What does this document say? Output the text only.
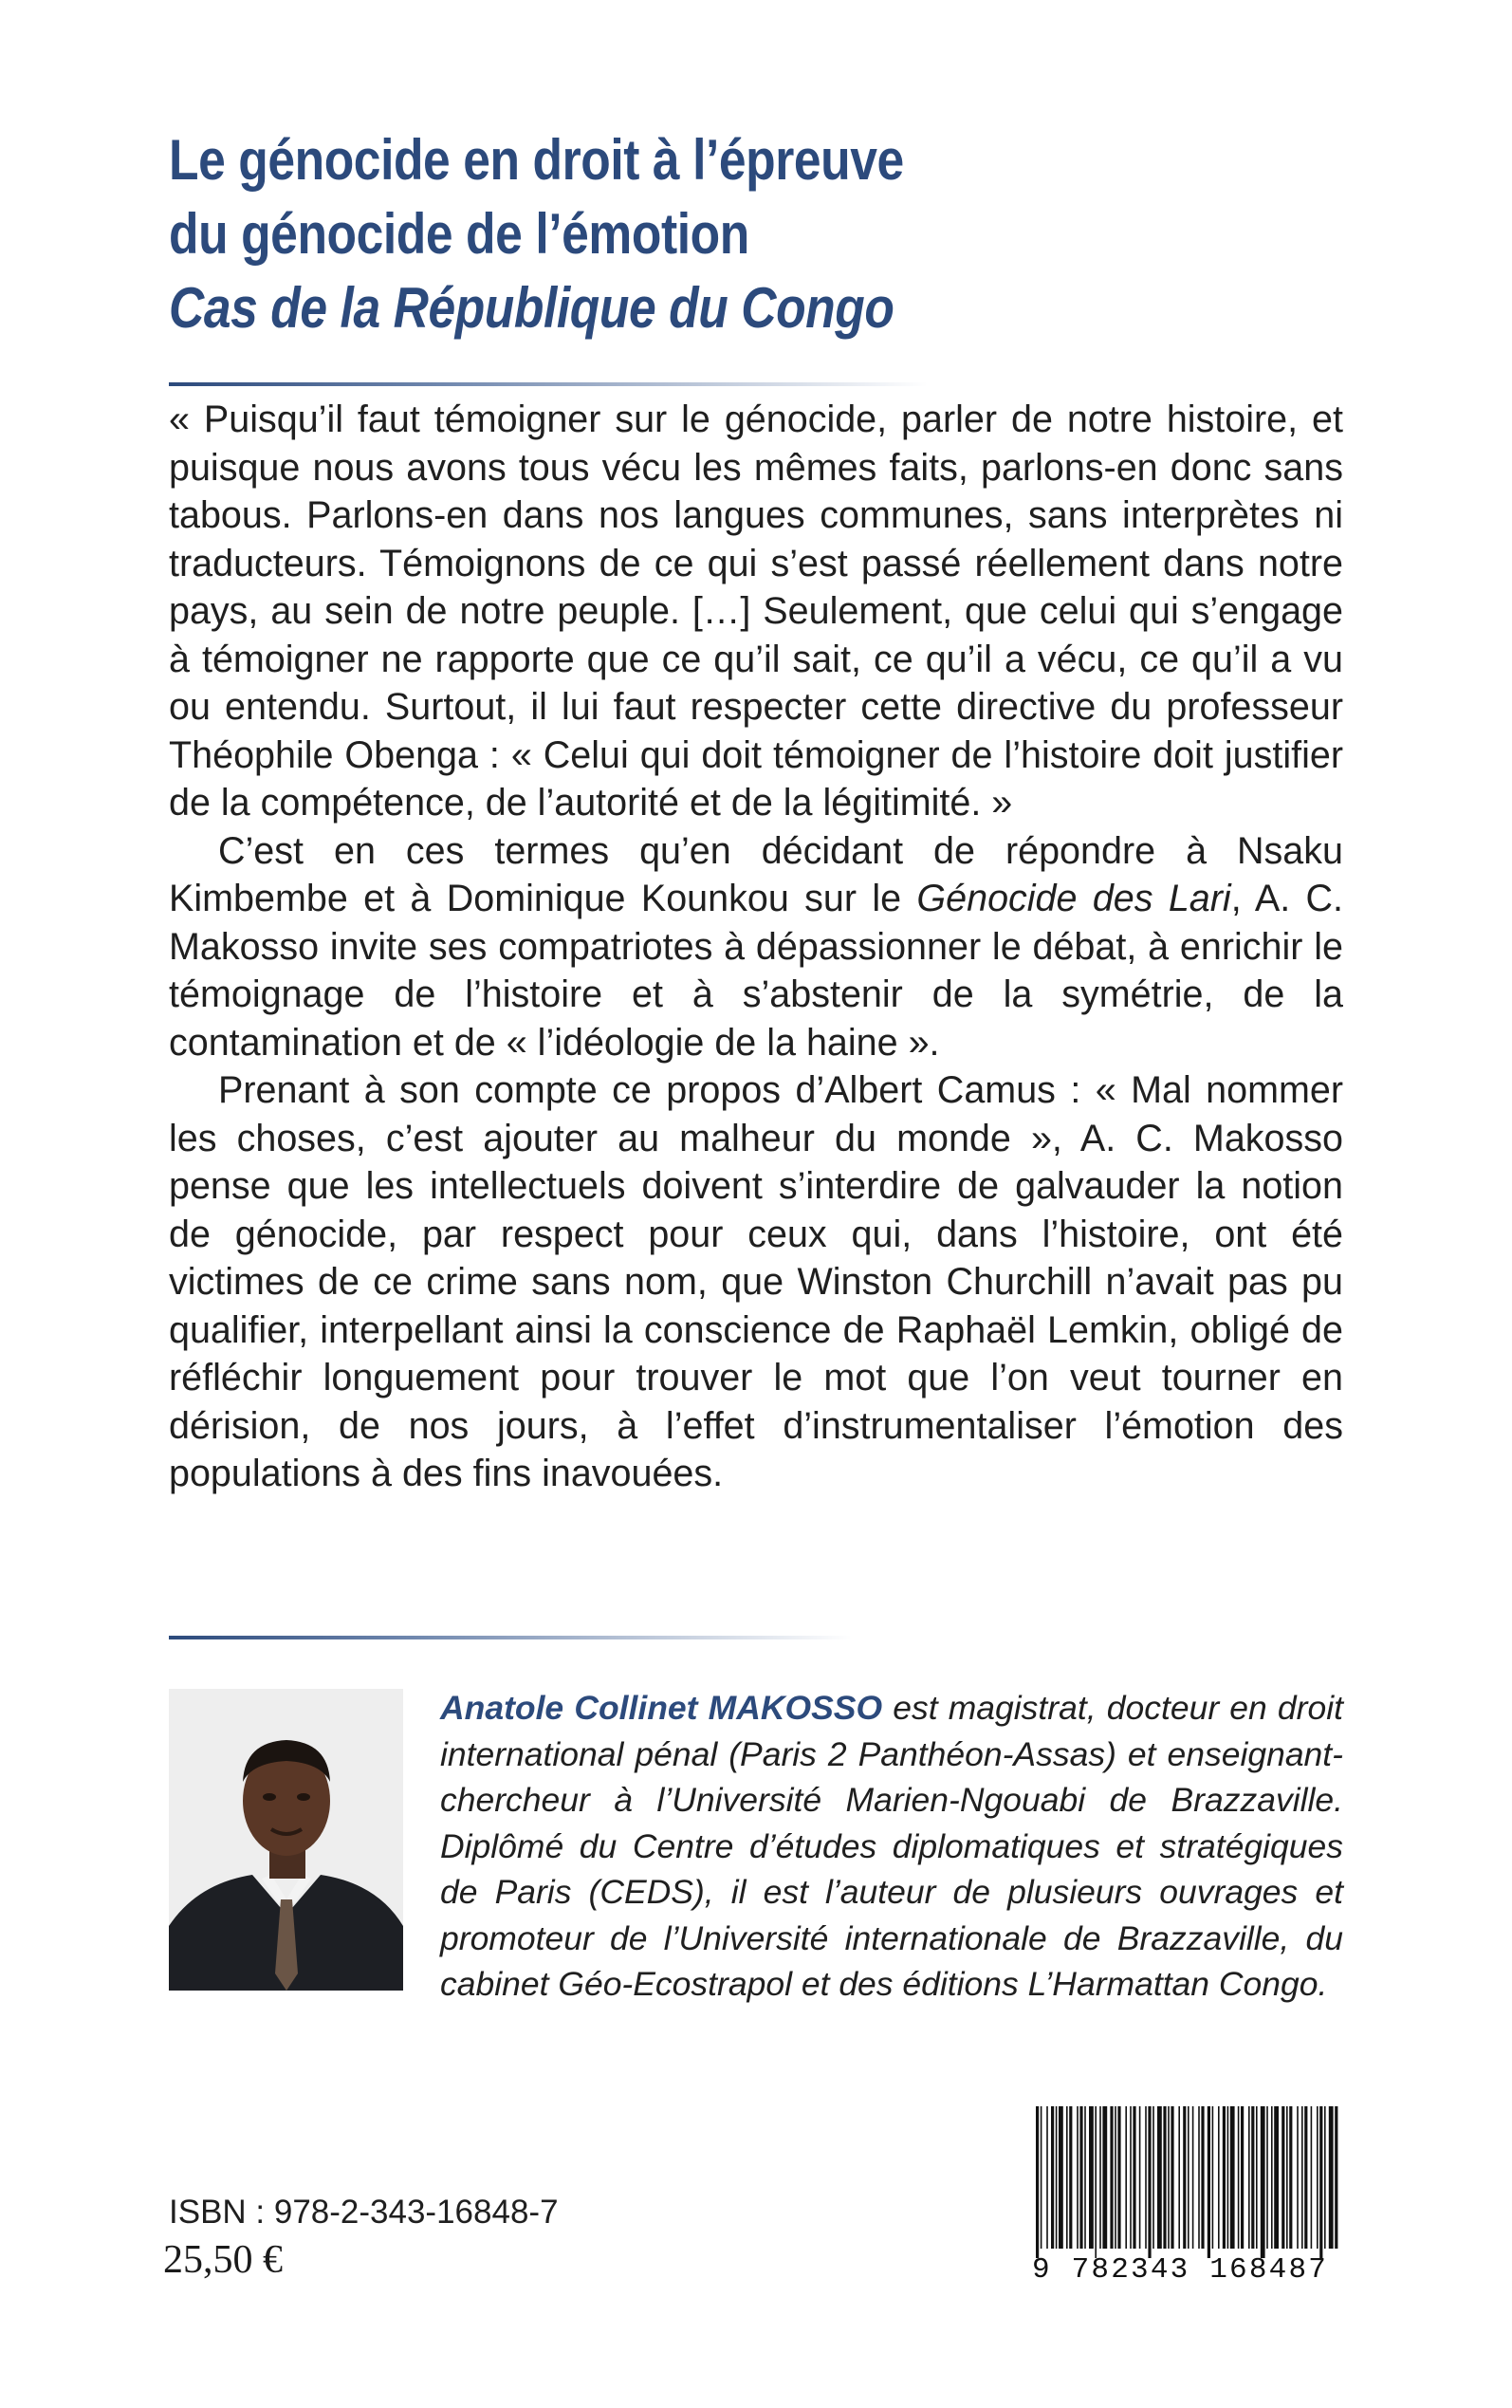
Le génocide en droit à l’épreuve
du génocide de l’émotion
Cas de la République du Congo

« Puisqu’il faut témoigner sur le génocide, parler de notre histoire, et puisque nous avons tous vécu les mêmes faits, parlons-en donc sans tabous. Parlons-en dans nos langues communes, sans interprètes ni traducteurs. Témoignons de ce qui s’est passé réellement dans notre pays, au sein de notre peuple. […] Seulement, que celui qui s’engage à témoigner ne rapporte que ce qu’il sait, ce qu’il a vécu, ce qu’il a vu ou entendu. Surtout, il lui faut respecter cette directive du professeur Théophile Obenga : « Celui qui doit témoigner de l’histoire doit justifier de la compétence, de l’autorité et de la légitimité. »

C’est en ces termes qu’en décidant de répondre à Nsaku Kimbembe et à Dominique Kounkou sur le Génocide des Lari, A. C. Makosso invite ses compatriotes à dépassionner le débat, à enrichir le témoignage de l’histoire et à s’abstenir de la symétrie, de la contamination et de « l’idéologie de la haine ».

Prenant à son compte ce propos d’Albert Camus : « Mal nommer les choses, c’est ajouter au malheur du monde », A. C. Makosso pense que les intellectuels doivent s’interdire de galvauder la notion de génocide, par respect pour ceux qui, dans l’histoire, ont été victimes de ce crime sans nom, que Winston Churchill n’avait pas pu qualifier, interpellant ainsi la conscience de Raphaël Lemkin, obligé de réfléchir longuement pour trouver le mot que l’on veut tourner en dérision, de nos jours, à l’effet d’instrumentaliser l’émotion des populations à des fins inavouées.

Anatole Collinet MAKOSSO est magistrat, docteur en droit international pénal (Paris 2 Panthéon-Assas) et enseignant-chercheur à l’Université Marien-Ngouabi de Brazzaville. Diplômé du Centre d’études diplomatiques et stratégiques de Paris (CEDS), il est l’auteur de plusieurs ouvrages et promoteur de l’Université internationale de Brazzaville, du cabinet Géo-Ecostrapol et des éditions L’Harmattan Congo.
ISBN : 978-2-343-16848-7
25,50 €	9 782343 168487
